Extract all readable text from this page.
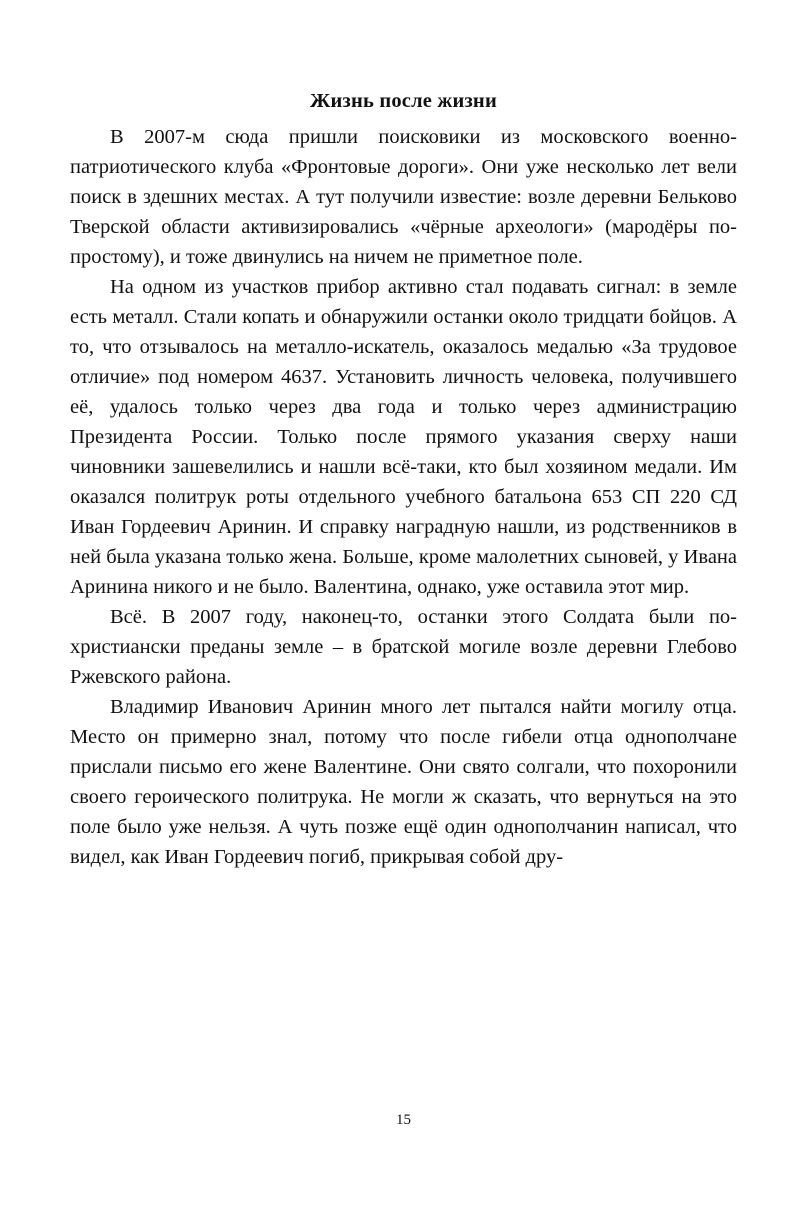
Жизнь после жизни

В 2007-м сюда пришли поисковики из московского военно-патриотического клуба «Фронтовые дороги». Они уже несколько лет вели поиск в здешних местах. А тут получили известие: возле деревни Бельково Тверской области активизировались «чёрные археологи» (мародёры по-простому), и тоже двинулись на ничем не приметное поле.

На одном из участков прибор активно стал подавать сигнал: в земле есть металл. Стали копать и обнаружили останки около тридцати бойцов. А то, что отзывалось на металло-искатель, оказалось медалью «За трудовое отличие» под номером 4637. Установить личность человека, получившего её, удалось только через два года и только через администрацию Президента России. Только после прямого указания сверху наши чиновники зашевелились и нашли всё-таки, кто был хозяином медали. Им оказался политрук роты отдельного учебного батальона 653 СП 220 СД Иван Гордеевич Аринин. И справку наградную нашли, из родственников в ней была указана только жена. Больше, кроме малолетних сыновей, у Ивана Аринина никого и не было. Валентина, однако, уже оставила этот мир.

Всё. В 2007 году, наконец-то, останки этого Солдата были по-христиански преданы земле – в братской могиле возле деревни Глебово Ржевского района.

Владимир Иванович Аринин много лет пытался найти могилу отца. Место он примерно знал, потому что после гибели отца однополчане прислали письмо его жене Валентине. Они свято солгали, что похоронили своего героического политрука. Не могли ж сказать, что вернуться на это поле было уже нельзя. А чуть позже ещё один однополчанин написал, что видел, как Иван Гордеевич погиб, прикрывая собой дру-

15
